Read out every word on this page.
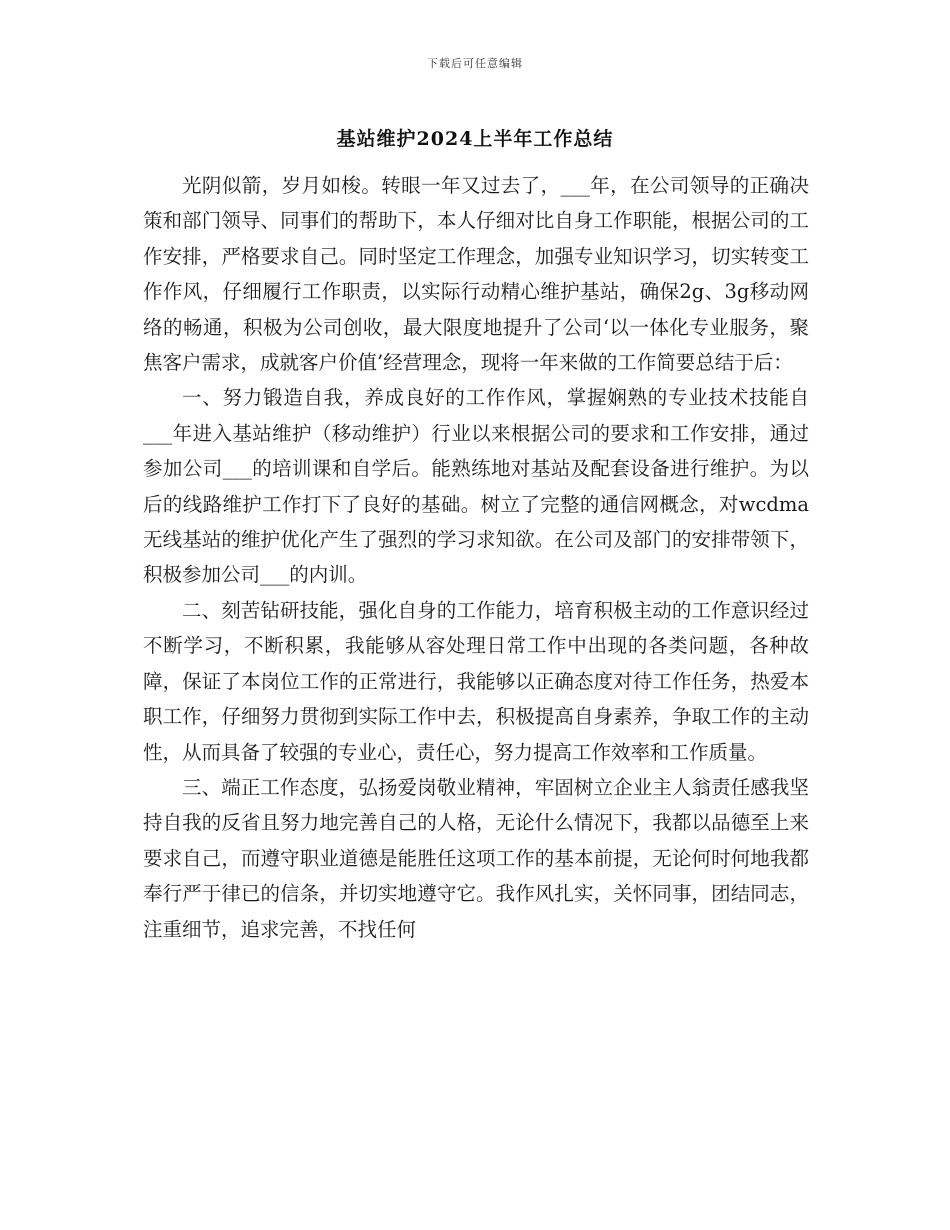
下载后可任意编辑
基站维护2024上半年工作总结

光阴似箭，岁月如梭。转眼一年又过去了，___年，在公司领导的正确决策和部门领导、同事们的帮助下，本人仔细对比自身工作职能，根据公司的工作安排，严格要求自己。同时坚定工作理念，加强专业知识学习，切实转变工作作风，仔细履行工作职责，以实际行动精心维护基站，确保2g、3g移动网络的畅通，积极为公司创收，最大限度地提升了公司‘以一体化专业服务，聚焦客户需求，成就客户价值’经营理念，现将一年来做的工作简要总结于后：

一、努力锻造自我，养成良好的工作作风，掌握娴熟的专业技术技能自___年进入基站维护（移动维护）行业以来根据公司的要求和工作安排，通过参加公司___的培训课和自学后。能熟练地对基站及配套设备进行维护。为以后的线路维护工作打下了良好的基础。树立了完整的通信网概念，对wcdma无线基站的维护优化产生了强烈的学习求知欲。在公司及部门的安排带领下，积极参加公司___的内训。

二、刻苦钻研技能，强化自身的工作能力，培育积极主动的工作意识经过不断学习，不断积累，我能够从容处理日常工作中出现的各类问题，各种故障，保证了本岗位工作的正常进行，我能够以正确态度对待工作任务，热爱本职工作，仔细努力贯彻到实际工作中去，积极提高自身素养，争取工作的主动性，从而具备了较强的专业心，责任心，努力提高工作效率和工作质量。

三、端正工作态度，弘扬爱岗敬业精神，牢固树立企业主人翁责任感我坚持自我的反省且努力地完善自己的人格，无论什么情况下，我都以品德至上来要求自己，而遵守职业道德是能胜任这项工作的基本前提，无论何时何地我都奉行严于律已的信条，并切实地遵守它。我作风扎实，关怀同事，团结同志，注重细节，追求完善，不找任何
